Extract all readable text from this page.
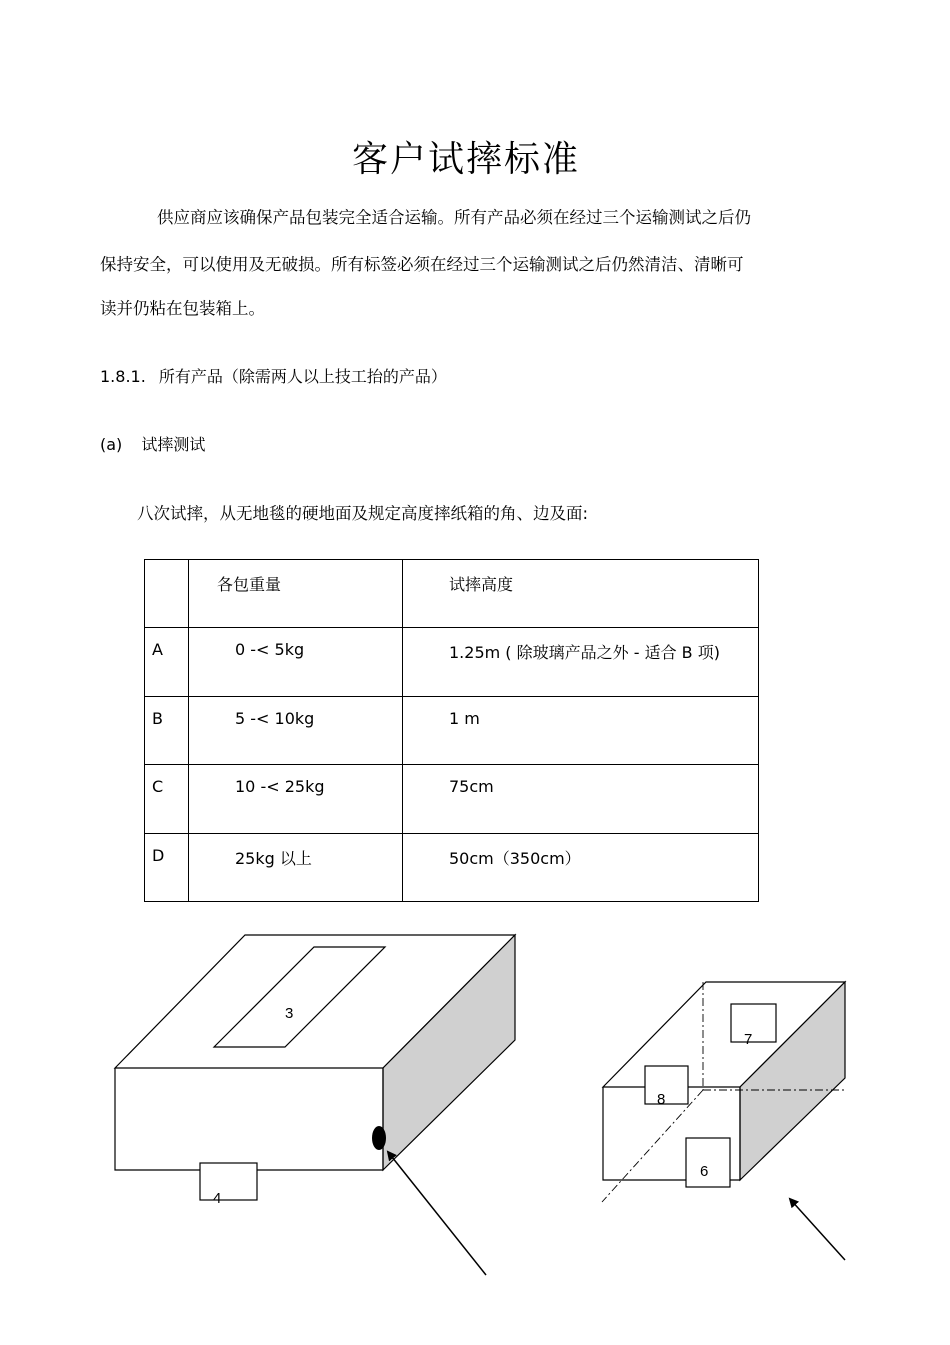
客户试摔标准
供应商应该确保产品包装完全适合运输。所有产品必须在经过三个运输测试之后仍
保持安全，可以使用及无破损。所有标签必须在经过三个运输测试之后仍然清洁、清晰可
读并仍粘在包装箱上。
1.8.1. 所有产品（除需两人以上技工抬的产品）
(a) 试摔测试
八次试摔，从无地毯的硬地面及规定高度摔纸箱的角、边及面:
	各包重量	试摔高度
A	0 -< 5kg	1.25m ( 除玻璃产品之外 - 适合 B 项)
B	5 -< 10kg	1 m
C	10 -< 25kg	75cm
D	25kg 以上	50cm（350cm）
3
4
7
8
6
